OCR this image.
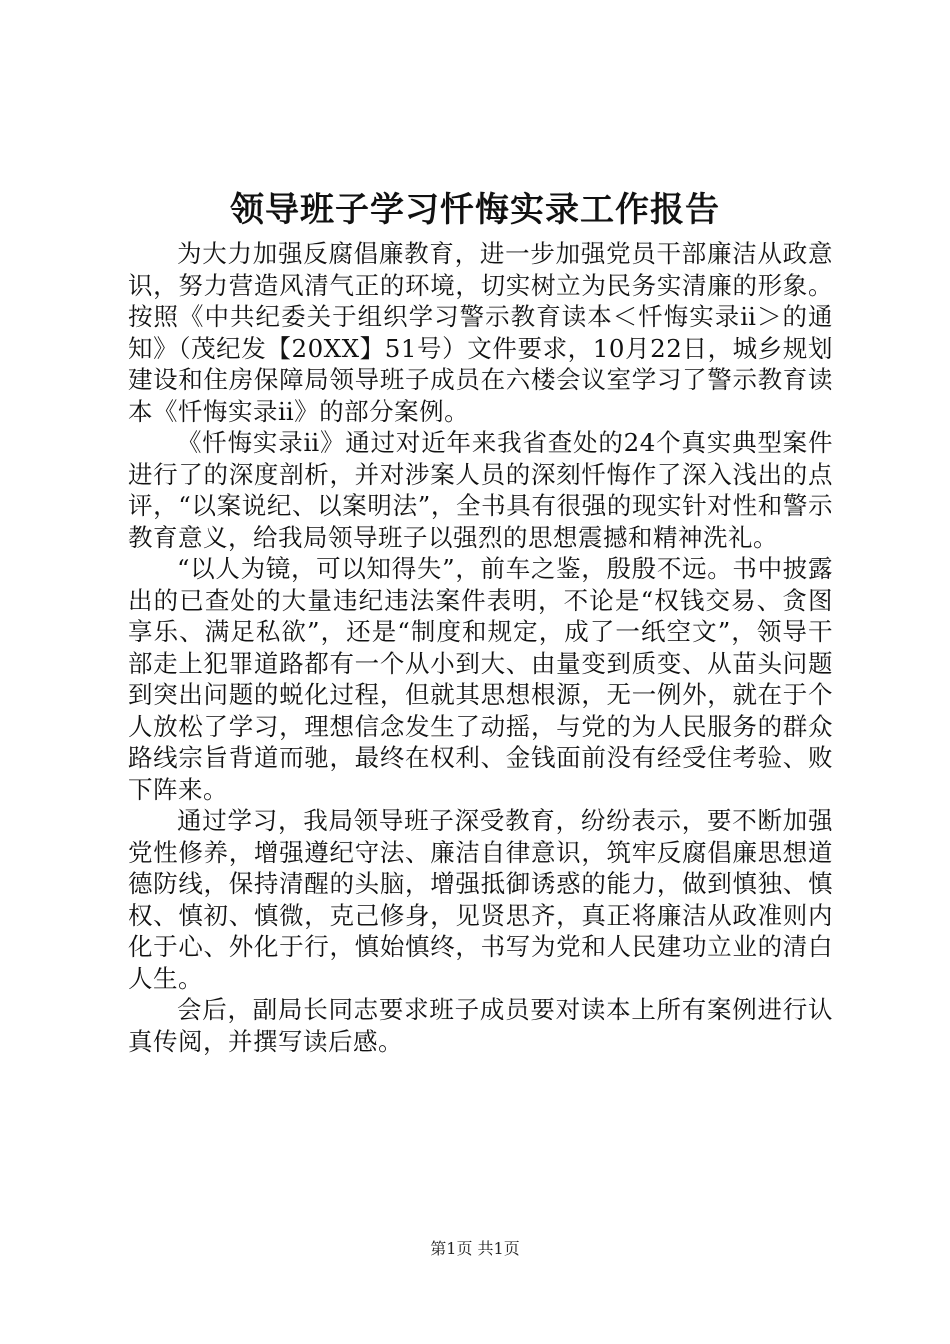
领导班子学习忏悔实录工作报告

为大力加强反腐倡廉教育，进一步加强党员干部廉洁从政意识，努力营造风清气正的环境，切实树立为民务实清廉的形象。按照《中共纪委关于组织学习警示教育读本＜忏悔实录ⅱ＞的通知》（茂纪发【20XX】51号）文件要求，10月22日，城乡规划建设和住房保障局领导班子成员在六楼会议室学习了警示教育读本《忏悔实录ⅱ》的部分案例。

《忏悔实录ⅱ》通过对近年来我省查处的24个真实典型案件进行了的深度剖析，并对涉案人员的深刻忏悔作了深入浅出的点评，“以案说纪、以案明法”，全书具有很强的现实针对性和警示教育意义，给我局领导班子以强烈的思想震撼和精神洗礼。

“以人为镜，可以知得失”，前车之鉴，殷殷不远。书中披露出的已查处的大量违纪违法案件表明，不论是“权钱交易、贪图享乐、满足私欲”，还是“制度和规定，成了一纸空文”，领导干部走上犯罪道路都有一个从小到大、由量变到质变、从苗头问题到突出问题的蜕化过程，但就其思想根源，无一例外，就在于个人放松了学习，理想信念发生了动摇，与党的为人民服务的群众路线宗旨背道而驰，最终在权利、金钱面前没有经受住考验、败下阵来。

通过学习，我局领导班子深受教育，纷纷表示，要不断加强党性修养，增强遵纪守法、廉洁自律意识，筑牢反腐倡廉思想道德防线，保持清醒的头脑，增强抵御诱惑的能力，做到慎独、慎权、慎初、慎微，克己修身，见贤思齐，真正将廉洁从政准则内化于心、外化于行，慎始慎终，书写为党和人民建功立业的清白人生。

会后，副局长同志要求班子成员要对读本上所有案例进行认真传阅，并撰写读后感。

第1页 共1页
